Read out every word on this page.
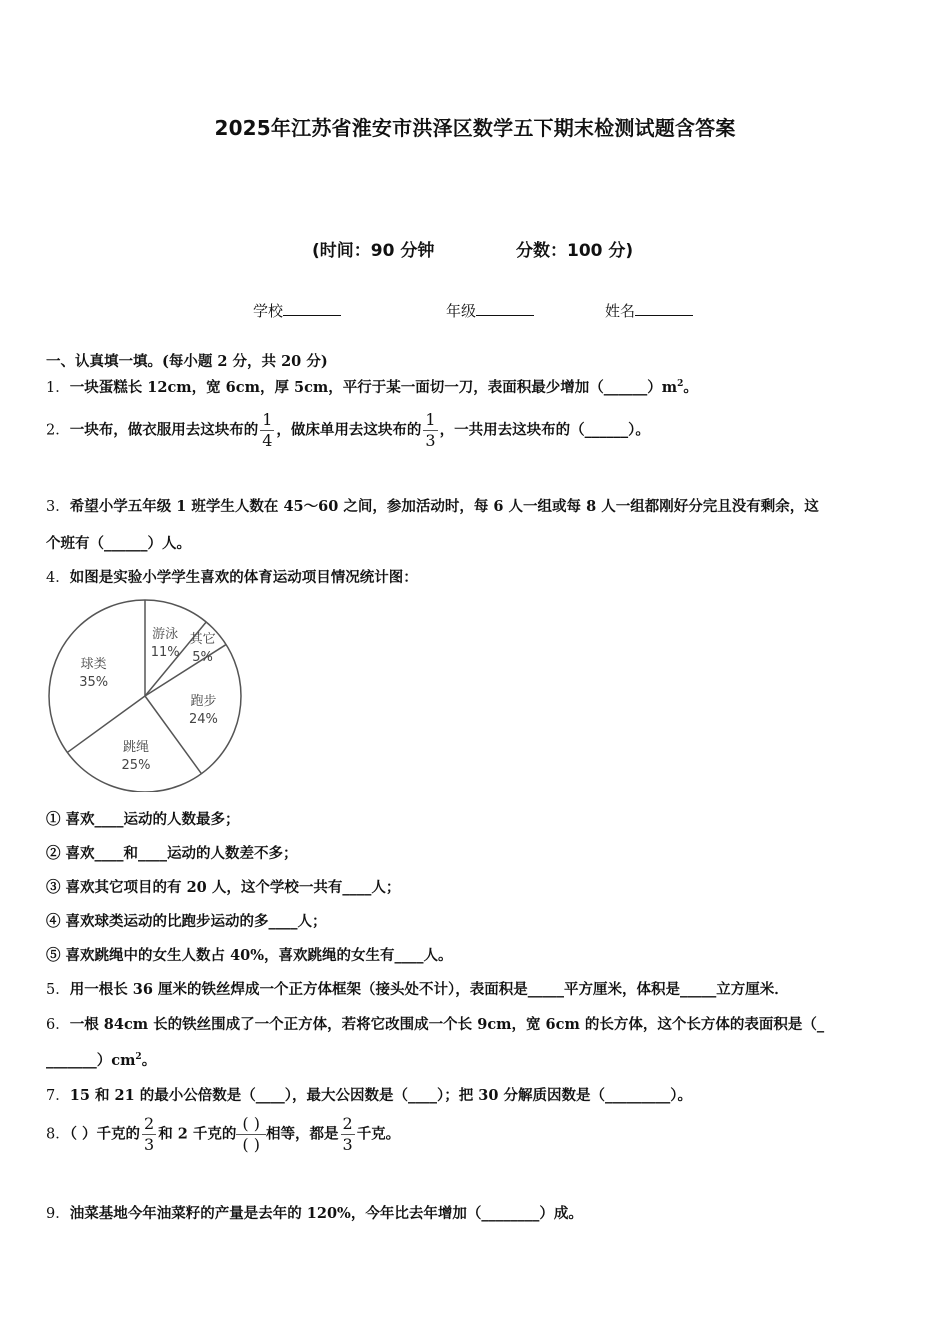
2025年江苏省淮安市洪泽区数学五下期末检测试题含答案
(时间：90 分钟	分数：100 分)
学校	年级	姓名
一、认真填一填。(每小题 2 分，共 20 分)
1．一块蛋糕长 12cm，宽 6cm，厚 5cm，平行于某一面切一刀，表面积最少增加$(\_\_\_\_\_\_)m^2$。
2．一块布，做衣服用去这块布的 $\frac{1}{4}$ ，做床单用去这块布的 $\frac{1}{3}$ ，一共用去这块布的（______）。
3．希望小学五年级 1 班学生人数在 45～60 之间，参加活动时，每 6 人一组或每 8 人一组都刚好分完且没有剩余，这
个班有（______）人。
4．如图是实验小学学生喜欢的体育运动项目情况统计图：
游泳
11%
其它
5%
跑步
24%
跳绳
25%
球类
35%
① 喜欢____运动的人数最多；
② 喜欢____和____运动的人数差不多；
③ 喜欢其它项目的有 20 人，这个学校一共有____人；
④ 喜欢球类运动的比跑步运动的多____人；
⑤ 喜欢跳绳中的女生人数占 40%，喜欢跳绳的女生有____人。
5．用一根长 36 厘米的铁丝焊成一个正方体框架（接头处不计），表面积是_____平方厘米，体积是_____立方厘米．
6．一根 84cm 长的铁丝围成了一个正方体，若将它改围成一个长 9cm，宽 6cm 的长方体，这个长方体的表面积是（_
$\_\_\_\_\_\_\_)cm^2$。
7．15 和 21 的最小公倍数是（____），最大公因数是（____）；把 30 分解质因数是（_________）。
8．（ ）千克的 $\frac{2}{3}$ 和 2 千克的 $\frac{( )}{( )}$ 相等，都是 $\frac{2}{3}$ 千克。
9．油菜基地今年油菜籽的产量是去年的 120%，今年比去年增加（________）成。
